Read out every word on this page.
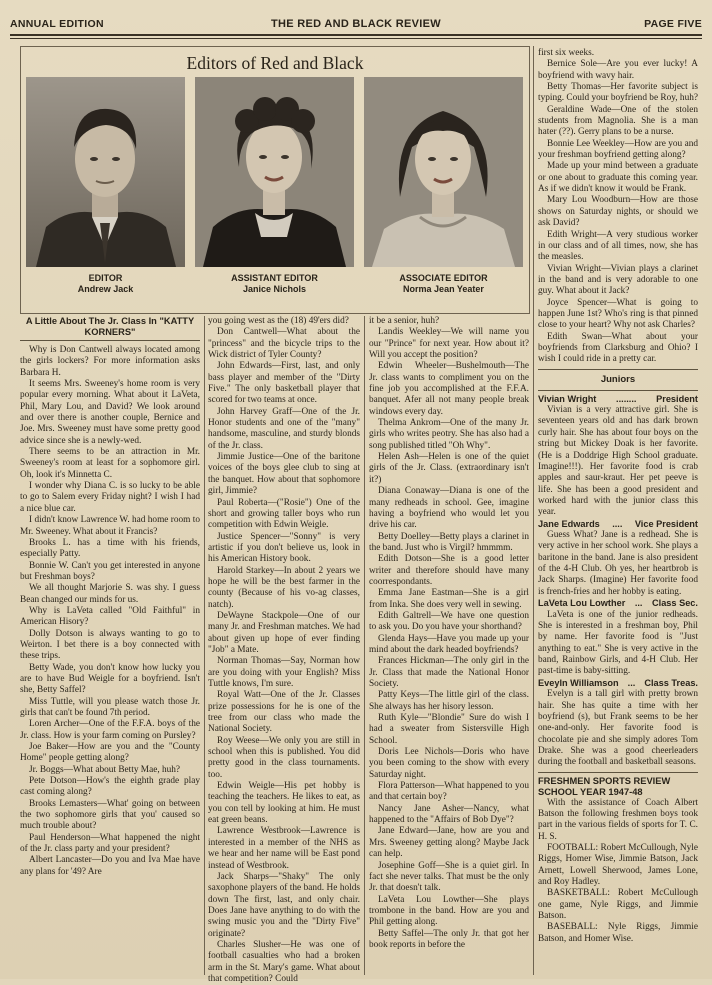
ANNUAL EDITION	THE RED AND BLACK REVIEW	PAGE FIVE
Editors of Red and Black
EDITOR
Andrew Jack
ASSISTANT EDITOR
Janice Nichols
ASSOCIATE EDITOR
Norma Jean Yeater
A Little About The Jr. Class In "KATTY KORNERS"

Why is Don Cantwell always located among the girls lockers? For more information asks Barbara H.

It seems Mrs. Sweeney's home room is very popular every morning. What about it LaVeta, Phil, Mary Lou, and David? We look around and over there is another couple, Bernice and Joe. Mrs. Sweeney must have some pretty good advice since she is a newly-wed.

There seems to be an attraction in Mr. Sweeney's room at least for a sophomore girl. Oh, look it's Minnetta C.

I wonder why Diana C. is so lucky to be able to go to Salem every Friday night? I wish I had a nice blue car.

I didn't know Lawrence W. had home room to Mr. Sweeney. What about it Francis?

Brooks L. has a time with his friends, especially Patty.

Bonnie W. Can't you get interested in anyone but Freshman boys?

We all thought Marjorie S. was shy. I guess Bean changed our minds for us.

Why is LaVeta called "Old Faithful" in American Hisory?

Dolly Dotson is always wanting to go to Weirton. I bet there is a boy connected with these trips.

Betty Wade, you don't know how lucky you are to have Bud Weigle for a boyfriend. Isn't she, Betty Saffel?

Miss Tuttle, will you please watch those Jr. girls that can't be found 7th period.

Loren Archer—One of the F.F.A. boys of the Jr. class. How is your farm coming on Pursley?

Joe Baker—How are you and the "County Home" people getting along?

Jr. Boggs—What about Betty Mae, huh?

Pete Dotson—How's the eighth grade play cast coming along?

Brooks Lemasters—What' going on between the two sophomore girls that you' caused so much trouble about?

Paul Henderson—What happened the night of the Jr. class party and your president?

Albert Lancaster—Do you and Iva Mae have any plans for '49? Are

you going west as the (18) 49'ers did?

Don Cantwell—What about the "princess" and the bicycle trips to the Wick district of Tyler County?

John Edwards—First, last, and only bass player and member of the "Dirty Five." The only basketball player that scored for two teams at once.

John Harvey Graff—One of the Jr. Honor students and one of the "many" handsome, masculine, and sturdy blonds of the Jr. class.

Jimmie Justice—One of the baritone voices of the boys glee club to sing at the banquet. How about that sophomore girl, Jimmie?

Paul Roberta—("Rosie") One of the short and growing taller boys who run competition with Edwin Weigle.

Justice Spencer—"Sonny" is very artistic if you don't believe us, look in his American History book.

Harold Starkey—In about 2 years we hope he will be the best farmer in the county (Because of his vo-ag classes, natch).

DeWayne Stackpole—One of our many Jr. and Freshman matches. We had about given up hope of ever finding "Job" a Mate.

Norman Thomas—Say, Norman how are you doing with your English? Miss Tuttle knows, I'm sure.

Royal Watt—One of the Jr. Classes prize possessions for he is one of the tree from our class who made the National Society.

Roy Weese—We only you are still in school when this is published. You did pretty good in the class tournaments. too.

Edwin Weigle—His pet hobby is teaching the teachers. He likes to eat, as you con tell by looking at him. He must eat green beans.

Lawrence Westbrook—Lawrence is interested in a member of the NHS as we hear and her name will be East pond instead of Westbrook.

Jack Sharps—"Shaky" The only saxophone players of the band. He holds down The first, last, and only chair. Does Jane have anything to do with the swing music you and the "Dirty Five" originate?

Charles Slusher—He was one of football casualties who had a broken arm in the St. Mary's game. What about that competition? Could

it be a senior, huh?

Landis Weekley—We will name you our "Prince" for next year. How about it? Will you accept the position?

Edwin Wheeler—Bushelmouth—The Jr. class wants to compliment you on the fine job you accomplished at the F.F.A. banquet. Afer all not many people break windows every day.

Thelma Ankrom—One of the many Jr. girls who writes peotry. She has also had a song published titled "Oh Why".

Helen Ash—Helen is one of the quiet girls of the Jr. Class. (extraordinary isn't it?)

Diana Conaway—Diana is one of the many redheads in school. Gee, imagine having a boyfriend who would let you drive his car.

Betty Doelley—Betty plays a clarinet in the band. Just who is Virgil? hmmmm.

Edith Dotson—She is a good letter writer and therefore should have many coorrespondants.

Emma Jane Eastman—She is a girl from Inka. She does very well in sewing.

Edith Galtrell—We have one question to ask you. Do you have your shorthand?

Glenda Hays—Have you made up your mind about the dark headed boyfriends?

Frances Hickman—The only girl in the Jr. Class that made the National Honor Society.

Patty Keys—The little girl of the class. She always has her hisory lesson.

Ruth Kyle—"Blondie" Sure do wish I had a sweater from Sistersville High School.

Doris Lee Nichols—Doris who have you been coming to the show with every Saturday night.

Flora Patterson—What happened to you and that certain boy?

Nancy Jane Asher—Nancy, what happened to the "Affairs of Bob Dye"?

Jane Edward—Jane, how are you and Mrs. Sweeney getting along? Maybe Jack can help.

Josephine Goff—She is a quiet girl. In fact she never talks. That must be the only Jr. that doesn't talk.

LaVeta Lou Lowther—She plays trombone in the band. How are you and Phil getting along.

Betty Saffel—The only Jr. that got her book reports in before the

first six weeks.

Bernice Sole—Are you ever lucky! A boyfriend with wavy hair.

Betty Thomas—Her favorite subject is typing. Could your boyfriend be Roy, huh?

Geraldine Wade—One of the stolen students from Magnolia. She is a man hater (??). Gerry plans to be a nurse.

Bonnie Lee Weekley—How are you and your freshman boyfriend getting along?

Made up your mind between a graduate or one about to graduate this coming year. As if we didn't know it would be Frank.

Mary Lou Woodburn—How are those shows on Saturday nights, or should we ask David?

Edith Wright—A very studious worker in our class and of all times, now, she has the measles.

Vivian Wright—Vivian plays a clarinet in the band and is very adorable to one guy. What about it Jack?

Joyce Spencer—What is going to happen June 1st? Who's ring is that pinned close to your heart? Why not ask Charles?

Edith Swan—What about your boyfriends from Clarksburg and Ohio? I wish I could ride in a pretty car.

Juniors
Vivian Wright ........ President

Vivian is a very attractive girl. She is seventeen years old and has dark brown curly hair. She has about four boys on the string but Mickey Doak is her favorite. (He is a Doddrige High School graduate. Imagine!!!). Her favorite food is crab apples and saur-kraut. Her pet peeve is life. She has been a good president and worked hard with the junior class this year.

Jane Edwards .... Vice President

Guess What? Jane is a redhead. She is very active in her school work. She plays a baritone in the band. Jane is also president of the 4-H Club. Oh yes, her heartbrob is Jack Sharps. (Imagine) Her favorite food is french-fries and her hobby is eating.

LaVeta Lou Lowther ... Class Sec.

LaVeta is one of the junior redheads. She is interested in a freshman boy, Phil by name. Her favorite food is "Just anything to eat." She is very active in the band, Rainbow Girls, and 4-H Club. Her past-time is baby-sitting.

Eveyln Williamson ... Class Treas.

Evelyn is a tall girl with pretty brown hair. She has quite a time with her boyfriend (s), but Frank seems to be her one-and-only. Her favorite food is chocolate pie and she simply adores Tom Drake. She was a good cheerleaders during the football and basketball seasons.

FRESHMEN SPORTS REVIEW SCHOOL YEAR 1947-48

With the assistance of Coach Albert Batson the following freshmen boys took part in the various fields of sports for T. C. H. S.

FOOTBALL: Robert McCullough, Nyle Riggs, Homer Wise, Jimmie Batson, Jack Arnett, Lowell Sherwood, James Lone, and Roy Hadley.

BASKETBALL: Robert McCullough one game, Nyle Riggs, and Jimmie Batson.

BASEBALL: Nyle Riggs, Jimmie Batson, and Homer Wise.
